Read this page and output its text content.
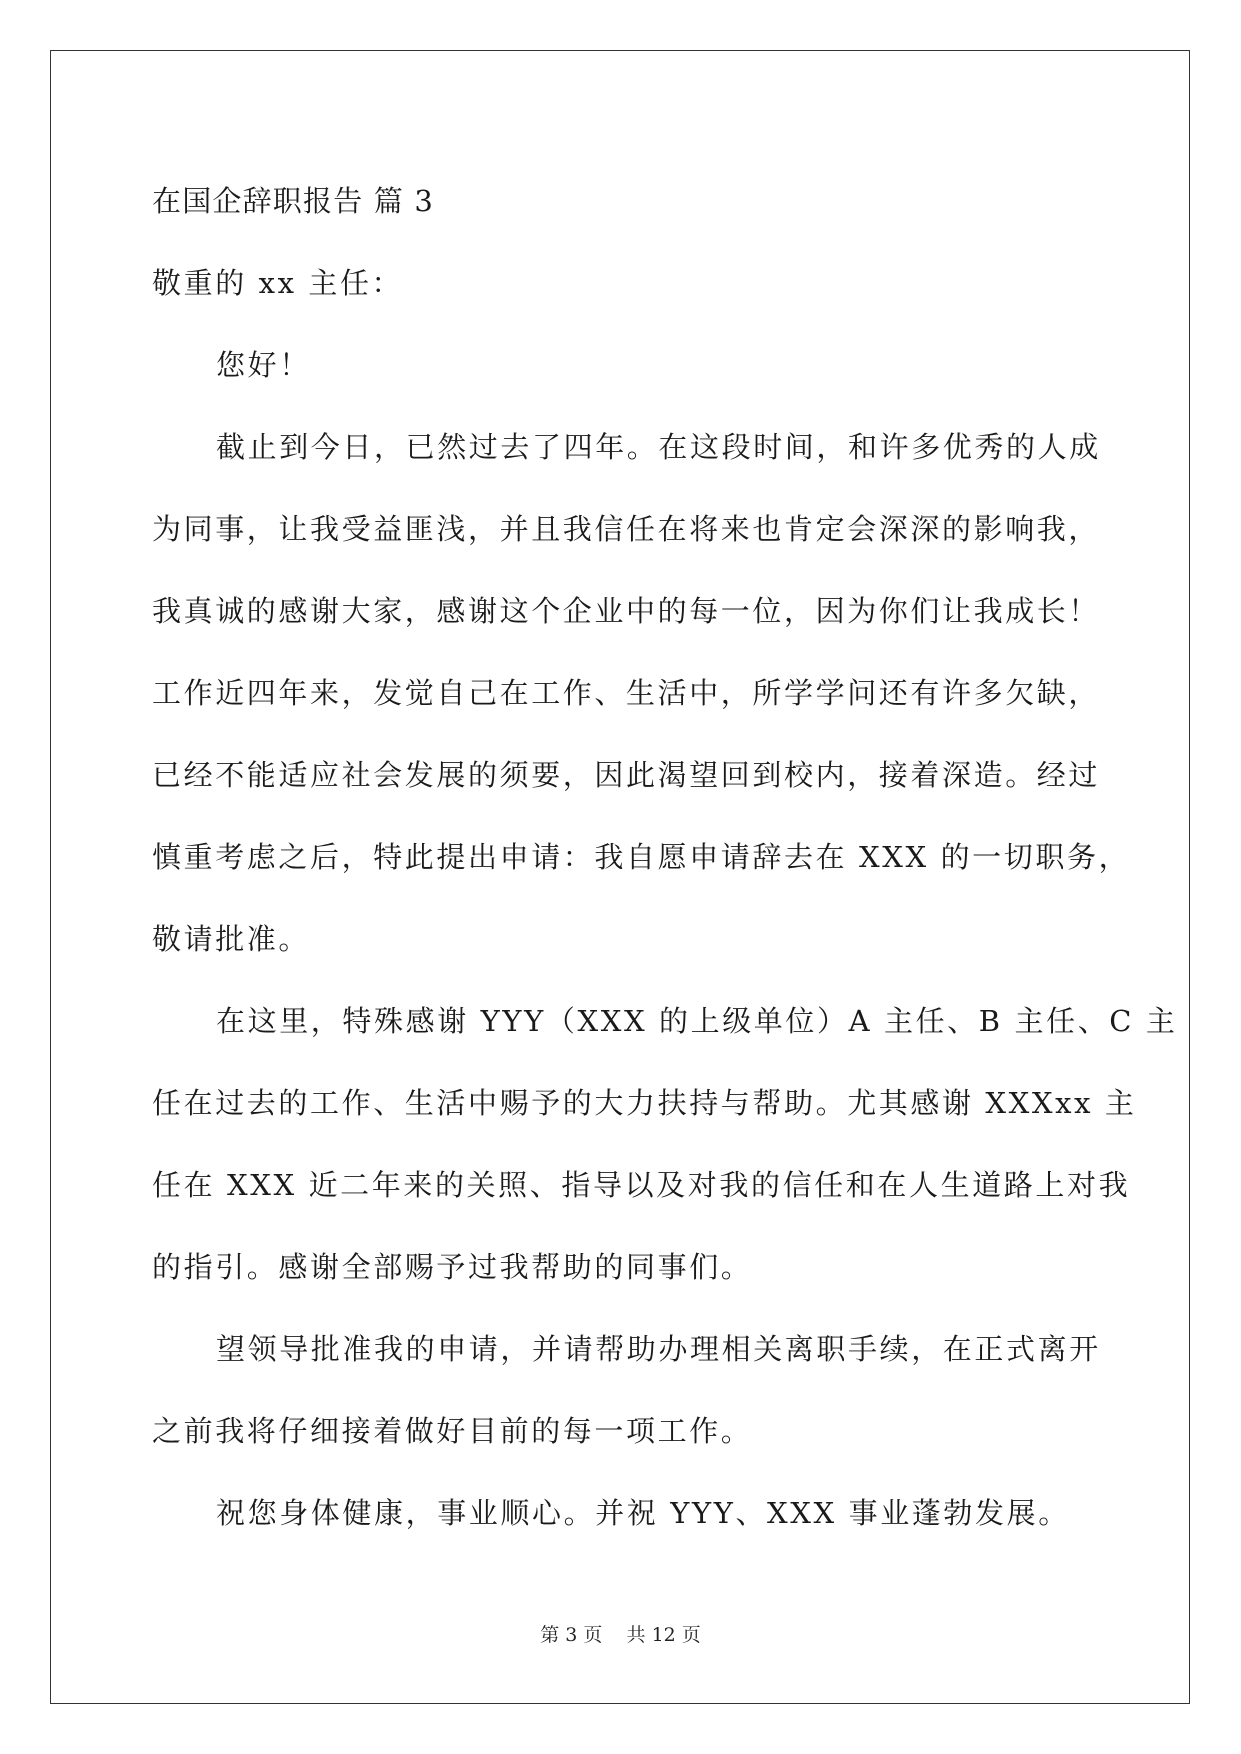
在国企辞职报告 篇 3
敬重的 xx 主任：
您好！
截止到今日，已然过去了四年。在这段时间，和许多优秀的人成
为同事，让我受益匪浅，并且我信任在将来也肯定会深深的影响我，
我真诚的感谢大家，感谢这个企业中的每一位，因为你们让我成长！
工作近四年来，发觉自己在工作、生活中，所学学问还有许多欠缺，
已经不能适应社会发展的须要，因此渴望回到校内，接着深造。经过
慎重考虑之后，特此提出申请：我自愿申请辞去在 XXX 的一切职务，
敬请批准。
在这里，特殊感谢 YYY（XXX 的上级单位）A 主任、B 主任、C 主
任在过去的工作、生活中赐予的大力扶持与帮助。尤其感谢 XXXxx 主
任在 XXX 近二年来的关照、指导以及对我的信任和在人生道路上对我
的指引。感谢全部赐予过我帮助的同事们。
望领导批准我的申请，并请帮助办理相关离职手续，在正式离开
之前我将仔细接着做好目前的每一项工作。
祝您身体健康，事业顺心。并祝 YYY、XXX 事业蓬勃发展。
第 3 页 共 12 页
